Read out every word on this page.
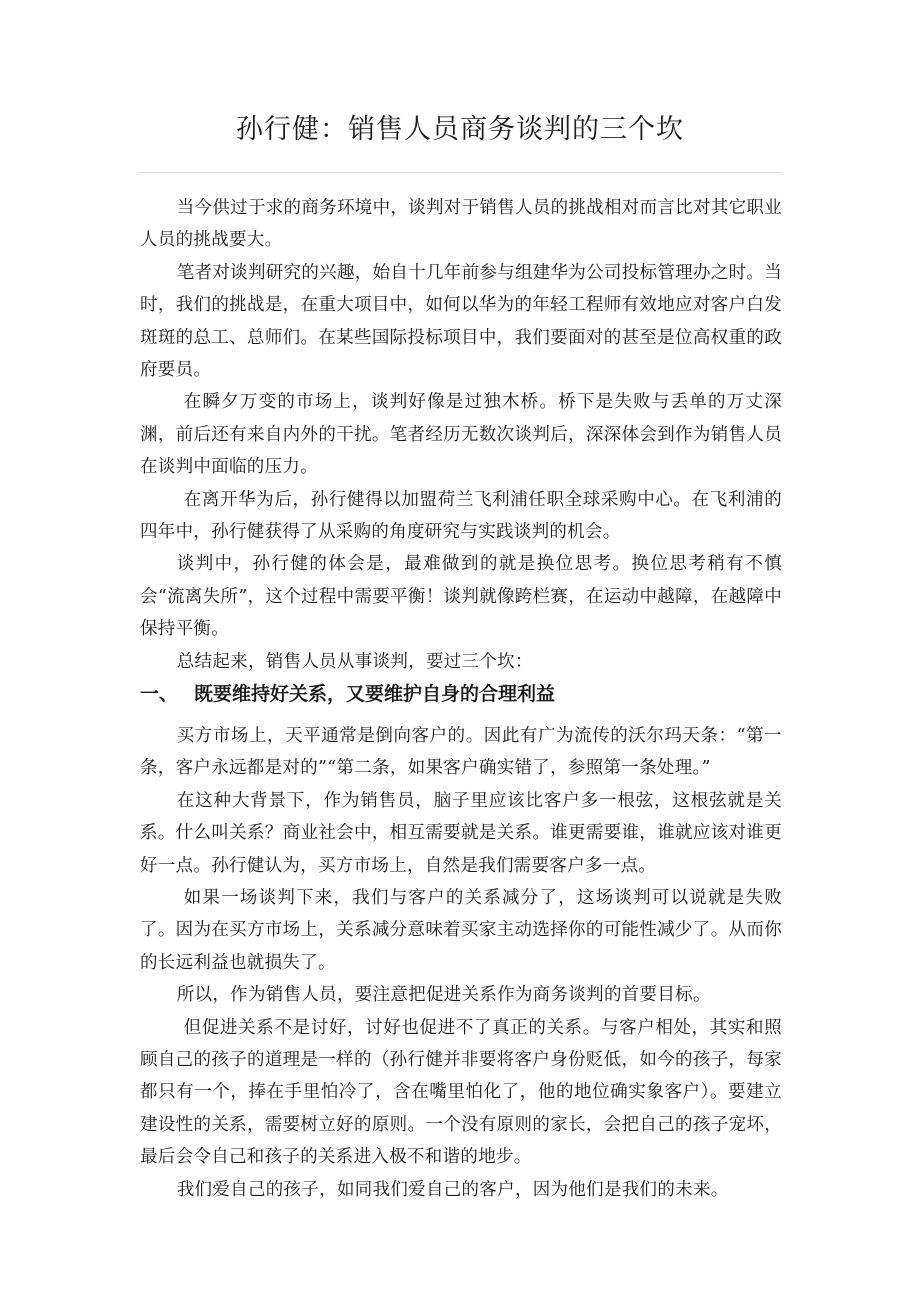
孙行健：销售人员商务谈判的三个坎

当今供过于求的商务环境中，谈判对于销售人员的挑战相对而言比对其它职业人员的挑战要大。

笔者对谈判研究的兴趣，始自十几年前参与组建华为公司投标管理办之时。当时，我们的挑战是，在重大项目中，如何以华为的年轻工程师有效地应对客户白发斑斑的总工、总师们。在某些国际投标项目中，我们要面对的甚至是位高权重的政府要员。

在瞬夕万变的市场上，谈判好像是过独木桥。桥下是失败与丢单的万丈深渊，前后还有来自内外的干扰。笔者经历无数次谈判后，深深体会到作为销售人员在谈判中面临的压力。

在离开华为后，孙行健得以加盟荷兰飞利浦任职全球采购中心。在飞利浦的四年中，孙行健获得了从采购的角度研究与实践谈判的机会。

谈判中，孙行健的体会是，最难做到的就是换位思考。换位思考稍有不慎会“流离失所”，这个过程中需要平衡！谈判就像跨栏赛，在运动中越障，在越障中保持平衡。

总结起来，销售人员从事谈判，要过三个坎：

一、 既要维持好关系，又要维护自身的合理利益

买方市场上，天平通常是倒向客户的。因此有广为流传的沃尔玛天条：“第一条，客户永远都是对的”“第二条，如果客户确实错了，参照第一条处理。”

在这种大背景下，作为销售员，脑子里应该比客户多一根弦，这根弦就是关系。什么叫关系？商业社会中，相互需要就是关系。谁更需要谁，谁就应该对谁更好一点。孙行健认为，买方市场上，自然是我们需要客户多一点。

如果一场谈判下来，我们与客户的关系减分了，这场谈判可以说就是失败了。因为在买方市场上，关系减分意味着买家主动选择你的可能性减少了。从而你的长远利益也就损失了。

所以，作为销售人员，要注意把促进关系作为商务谈判的首要目标。

但促进关系不是讨好，讨好也促进不了真正的关系。与客户相处，其实和照顾自己的孩子的道理是一样的（孙行健并非要将客户身份贬低，如今的孩子，每家都只有一个，捧在手里怕冷了，含在嘴里怕化了，他的地位确实象客户）。要建立建设性的关系，需要树立好的原则。一个没有原则的家长，会把自己的孩子宠坏，最后会令自己和孩子的关系进入极不和谐的地步。

我们爱自己的孩子，如同我们爱自己的客户，因为他们是我们的未来。
